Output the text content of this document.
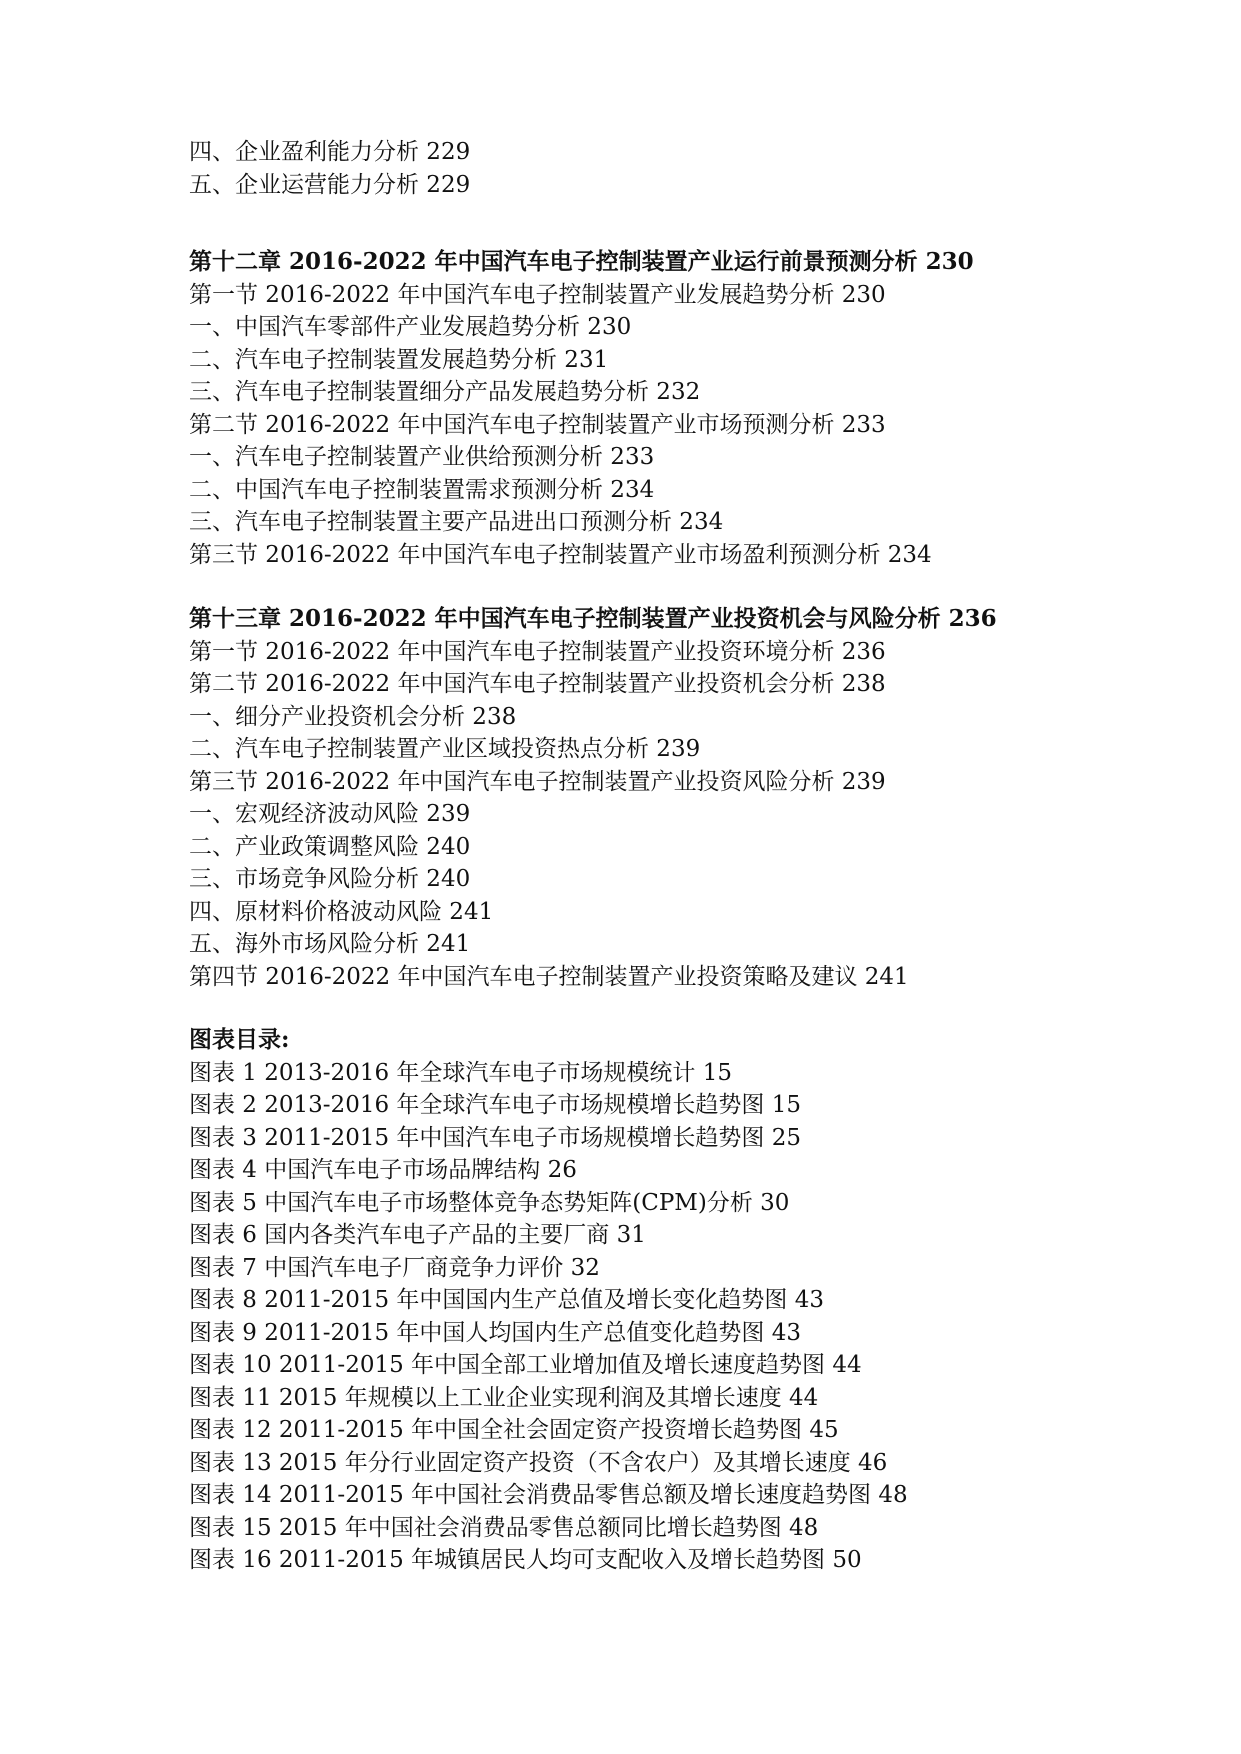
四、企业盈利能力分析 229
五、企业运营能力分析 229
第十二章 2016-2022 年中国汽车电子控制装置产业运行前景预测分析 230
第一节 2016-2022 年中国汽车电子控制装置产业发展趋势分析 230
一、中国汽车零部件产业发展趋势分析 230
二、汽车电子控制装置发展趋势分析 231
三、汽车电子控制装置细分产品发展趋势分析 232
第二节 2016-2022 年中国汽车电子控制装置产业市场预测分析 233
一、汽车电子控制装置产业供给预测分析 233
二、中国汽车电子控制装置需求预测分析 234
三、汽车电子控制装置主要产品进出口预测分析 234
第三节 2016-2022 年中国汽车电子控制装置产业市场盈利预测分析 234
第十三章 2016-2022 年中国汽车电子控制装置产业投资机会与风险分析 236
第一节 2016-2022 年中国汽车电子控制装置产业投资环境分析 236
第二节 2016-2022 年中国汽车电子控制装置产业投资机会分析 238
一、细分产业投资机会分析 238
二、汽车电子控制装置产业区域投资热点分析 239
第三节 2016-2022 年中国汽车电子控制装置产业投资风险分析 239
一、宏观经济波动风险 239
二、产业政策调整风险 240
三、市场竞争风险分析 240
四、原材料价格波动风险 241
五、海外市场风险分析 241
第四节 2016-2022 年中国汽车电子控制装置产业投资策略及建议 241
图表目录:
图表 1 2013-2016 年全球汽车电子市场规模统计 15
图表 2 2013-2016 年全球汽车电子市场规模增长趋势图 15
图表 3 2011-2015 年中国汽车电子市场规模增长趋势图 25
图表 4 中国汽车电子市场品牌结构 26
图表 5 中国汽车电子市场整体竞争态势矩阵(CPM)分析 30
图表 6 国内各类汽车电子产品的主要厂商 31
图表 7 中国汽车电子厂商竞争力评价 32
图表 8 2011-2015 年中国国内生产总值及增长变化趋势图 43
图表 9 2011-2015 年中国人均国内生产总值变化趋势图 43
图表 10 2011-2015 年中国全部工业增加值及增长速度趋势图 44
图表 11 2015 年规模以上工业企业实现利润及其增长速度 44
图表 12 2011-2015 年中国全社会固定资产投资增长趋势图 45
图表 13 2015 年分行业固定资产投资（不含农户）及其增长速度 46
图表 14 2011-2015 年中国社会消费品零售总额及增长速度趋势图 48
图表 15 2015 年中国社会消费品零售总额同比增长趋势图 48
图表 16 2011-2015 年城镇居民人均可支配收入及增长趋势图 50
